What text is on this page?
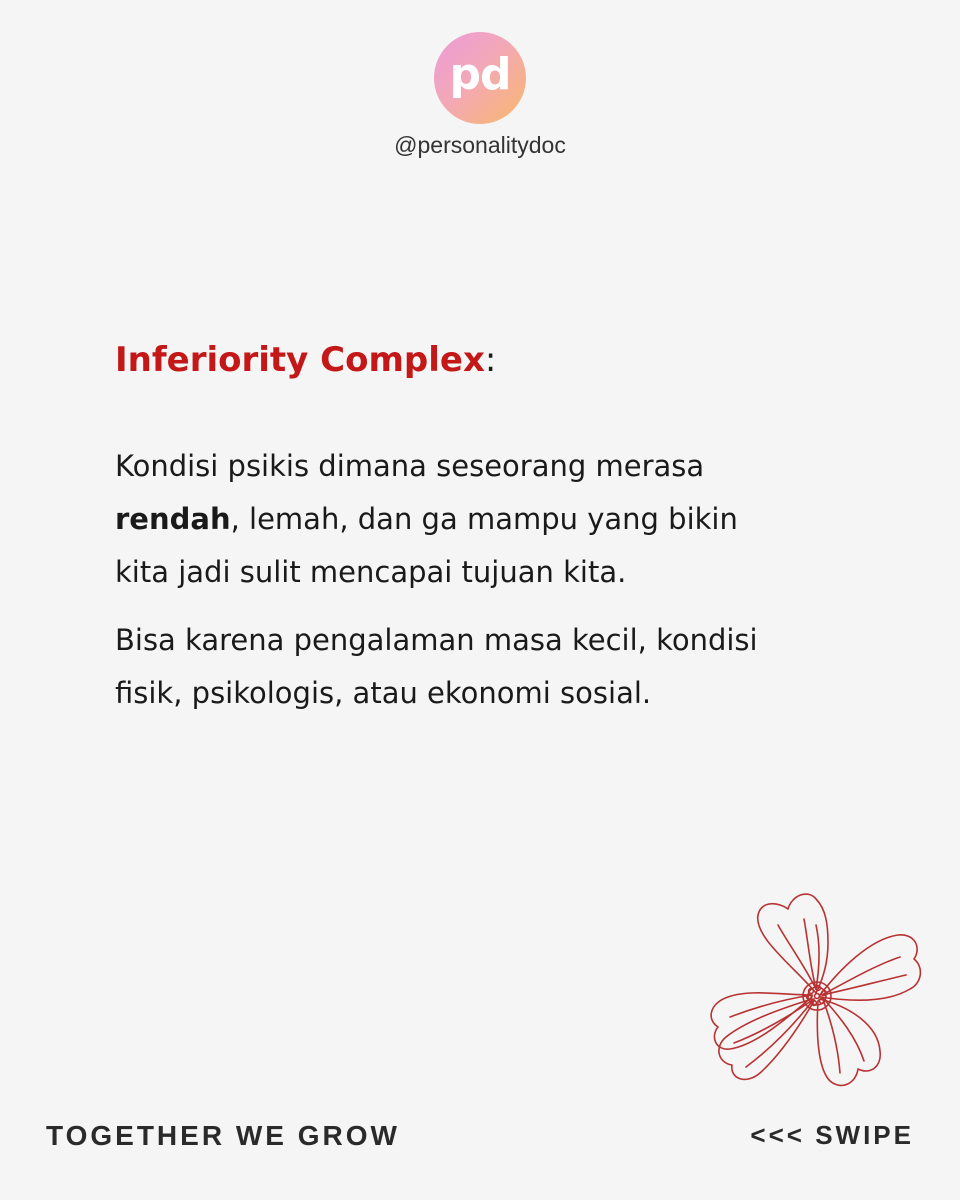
pd
@personalitydoc
Inferiority Complex:

Kondisi psikis dimana seseorang merasa
rendah, lemah, dan ga mampu yang bikin
kita jadi sulit mencapai tujuan kita.

Bisa karena pengalaman masa kecil, kondisi
fisik, psikologis, atau ekonomi sosial.

TOGETHER WE GROW	<<< SWIPE
